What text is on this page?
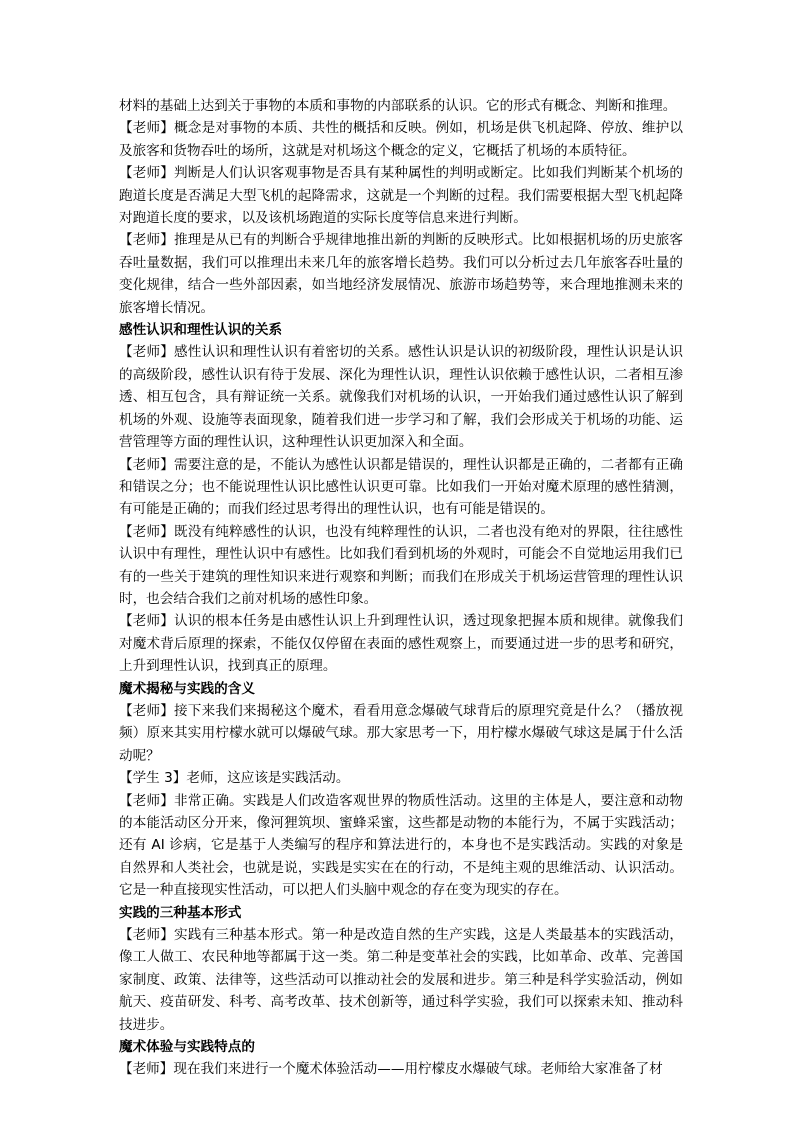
材料的基础上达到关于事物的本质和事物的内部联系的认识。它的形式有概念、判断和推理。

【老师】概念是对事物的本质、共性的概括和反映。例如，机场是供飞机起降、停放、维护以及旅客和货物吞吐的场所，这就是对机场这个概念的定义，它概括了机场的本质特征。

【老师】判断是人们认识客观事物是否具有某种属性的判明或断定。比如我们判断某个机场的跑道长度是否满足大型飞机的起降需求，这就是一个判断的过程。我们需要根据大型飞机起降对跑道长度的要求，以及该机场跑道的实际长度等信息来进行判断。

【老师】推理是从已有的判断合乎规律地推出新的判断的反映形式。比如根据机场的历史旅客吞吐量数据，我们可以推理出未来几年的旅客增长趋势。我们可以分析过去几年旅客吞吐量的变化规律，结合一些外部因素，如当地经济发展情况、旅游市场趋势等，来合理地推测未来的旅客增长情况。

感性认识和理性认识的关系

【老师】感性认识和理性认识有着密切的关系。感性认识是认识的初级阶段，理性认识是认识的高级阶段，感性认识有待于发展、深化为理性认识，理性认识依赖于感性认识，二者相互渗透、相互包含，具有辩证统一关系。就像我们对机场的认识，一开始我们通过感性认识了解到机场的外观、设施等表面现象，随着我们进一步学习和了解，我们会形成关于机场的功能、运营管理等方面的理性认识，这种理性认识更加深入和全面。

【老师】需要注意的是，不能认为感性认识都是错误的，理性认识都是正确的，二者都有正确和错误之分；也不能说理性认识比感性认识更可靠。比如我们一开始对魔术原理的感性猜测，有可能是正确的；而我们经过思考得出的理性认识，也有可能是错误的。

【老师】既没有纯粹感性的认识，也没有纯粹理性的认识，二者也没有绝对的界限，往往感性认识中有理性，理性认识中有感性。比如我们看到机场的外观时，可能会不自觉地运用我们已有的一些关于建筑的理性知识来进行观察和判断；而我们在形成关于机场运营管理的理性认识时，也会结合我们之前对机场的感性印象。

【老师】认识的根本任务是由感性认识上升到理性认识，透过现象把握本质和规律。就像我们对魔术背后原理的探索，不能仅仅停留在表面的感性观察上，而要通过进一步的思考和研究，上升到理性认识，找到真正的原理。

魔术揭秘与实践的含义

【老师】接下来我们来揭秘这个魔术，看看用意念爆破气球背后的原理究竟是什么？（播放视频）原来其实用柠檬水就可以爆破气球。那大家思考一下，用柠檬水爆破气球这是属于什么活动呢？

【学生 3】老师，这应该是实践活动。

【老师】非常正确。实践是人们改造客观世界的物质性活动。这里的主体是人，要注意和动物的本能活动区分开来，像河狸筑坝、蜜蜂采蜜，这些都是动物的本能行为，不属于实践活动；还有 AI 诊病，它是基于人类编写的程序和算法进行的，本身也不是实践活动。实践的对象是自然界和人类社会，也就是说，实践是实实在在的行动，不是纯主观的思维活动、认识活动。它是一种直接现实性活动，可以把人们头脑中观念的存在变为现实的存在。

实践的三种基本形式

【老师】实践有三种基本形式。第一种是改造自然的生产实践，这是人类最基本的实践活动，像工人做工、农民种地等都属于这一类。第二种是变革社会的实践，比如革命、改革、完善国家制度、政策、法律等，这些活动可以推动社会的发展和进步。第三种是科学实验活动，例如航天、疫苗研发、科考、高考改革、技术创新等，通过科学实验，我们可以探索未知、推动科技进步。

魔术体验与实践特点的

【老师】现在我们来进行一个魔术体验活动——用柠檬皮水爆破气球。老师给大家准备了材
